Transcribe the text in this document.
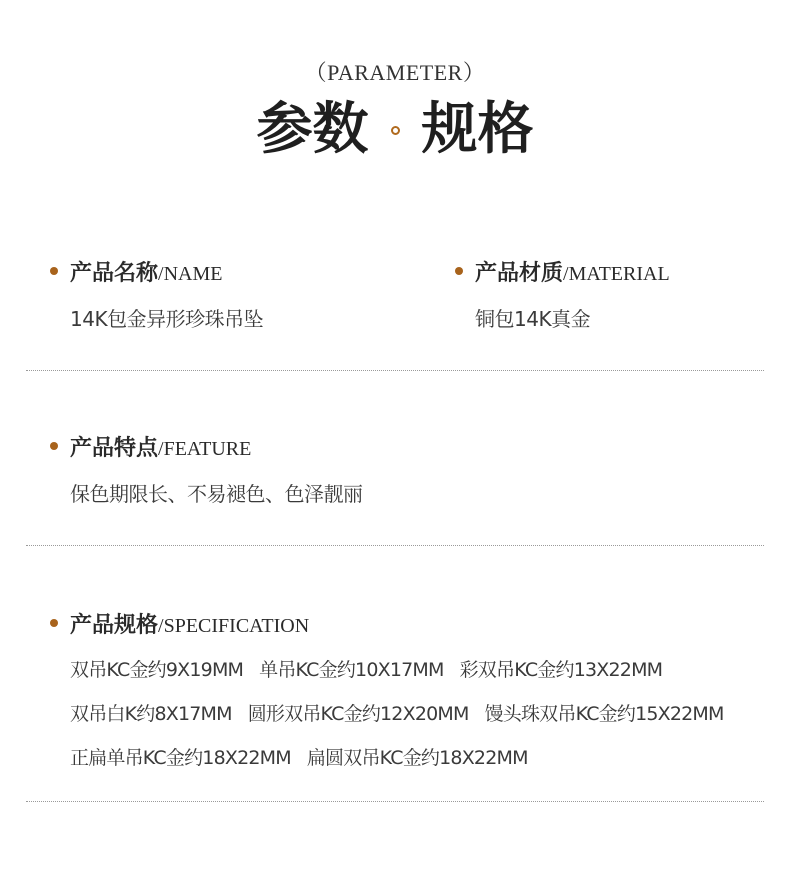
（PARAMETER）
参数 规格
产品名称 /NAME
14K包金异形珍珠吊坠
产品材质 /MATERIAL
铜包14K真金
产品特点 /FEATURE
保色期限长、不易褪色、色泽靓丽
产品规格 /SPECIFICATION
双吊KC金约9X19MM 单吊KC金约10X17MM 彩双吊KC金约13X22MM
双吊白K约8X17MM 圆形双吊KC金约12X20MM 馒头珠双吊KC金约15X22MM
正扁单吊KC金约18X22MM 扁圆双吊KC金约18X22MM
